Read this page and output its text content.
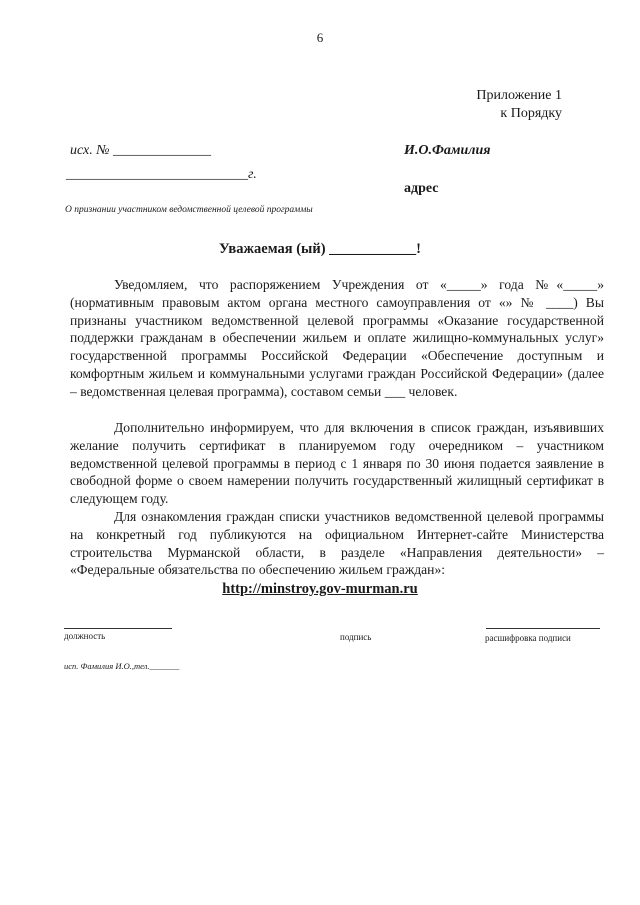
6
Приложение 1
к Порядку
исх. № ______________	И.О.Фамилия
__________________________г.
адрес
О признании участником ведомственной целевой программы
Уважаемая (ый) ____________!
Уведомляем, что распоряжением Учреждения от «_____» года №«_____» (нормативным правовым актом органа местного самоуправления от «» № ____) Вы признаны участником ведомственной целевой программы «Оказание государственной поддержки гражданам в обеспечении жильем и оплате жилищно-коммунальных услуг» государственной программы Российской Федерации «Обеспечение доступным и комфортным жильем и коммунальными услугами граждан Российской Федерации» (далее – ведомственная целевая программа), составом семьи ___ человек.
Дополнительно информируем, что для включения в список граждан, изъявивших желание получить сертификат в планируемом году очередником – участником ведомственной целевой программы в период с 1 января по 30 июня подается заявление в свободной форме о своем намерении получить государственный жилищный сертификат в следующем году.
Для ознакомления граждан списки участников ведомственной целевой программы на конкретный год публикуются на официальном Интернет-сайте Министерства строительства Мурманской области, в разделе «Направления деятельности» – «Федеральные обязательства по обеспечению жильем граждан»:
http://minstroy.gov-murman.ru
должность	подпись	расшифровка подписи
исп. Фамилия И.О.,тел._______
